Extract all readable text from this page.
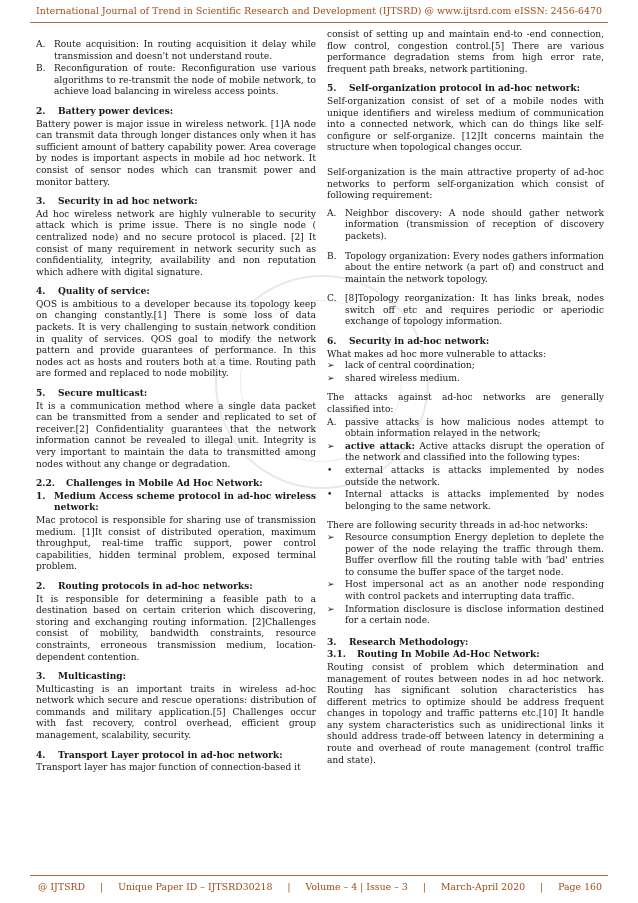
International Journal of Trend in Scientific Research and Development (IJTSRD) @ www.ijtsrd.com eISSN: 2456-6470
A. Route acquisition: In routing acquisition it delay while transmission and doesn't not understand route.
B. Reconfiguration of route: Reconfiguration use various algorithms to re-transmit the node of mobile network, to achieve load balancing in wireless access points.
2. Battery power devices:

Battery power is major issue in wireless network. [1]A node can transmit data through longer distances only when it has sufficient amount of battery capability power. Area coverage by nodes is important aspects in mobile ad hoc network. It consist of sensor nodes which can transmit power and monitor battery.

3. Security in ad hoc network:

Ad hoc wireless network are highly vulnerable to security attack which is prime issue. There is no single node ( centralized node) and no secure protocol is placed. [2] It consist of many requirement in network security such as confidentiality, integrity, availability and non reputation which adhere with digital signature.

4. Quality of service:

QOS is ambitious to a developer because its topology keep on changing constantly.[1] There is some loss of data packets. It is very challenging to sustain network condition in quality of services. QOS goal to modify the network pattern and provide guarantees of performance. In this nodes act as hosts and routers both at a time. Routing path are formed and replaced to node mobility.

5. Secure multicast:

It is a communication method where a single data packet can be transmitted from a sender and replicated to set of receiver.[2] Confidentiality guarantees that the network information cannot be revealed to illegal unit. Integrity is very important to maintain the data to transmitted among nodes without any change or degradation.

2.2. Challenges in Mobile Ad Hoc Network:
1. Medium Access scheme protocol in ad-hoc wireless network:

Mac protocol is responsible for sharing use of transmission medium. [1]It consist of distributed operation, maximum throughput, real-time traffic support, power control capabilities, hidden terminal problem, exposed terminal problem.

2. Routing protocols in ad-hoc networks:

It is responsible for determining a feasible path to a destination based on certain criterion which discovering, storing and exchanging routing information. [2]Challenges consist of mobility, bandwidth constraints, resource constraints, erroneous transmission medium, location-dependent contention.

3. Multicasting:

Multicasting is an important traits in wireless ad-hoc network which secure and rescue operations: distribution of commands and military application.[5] Challenges occur with fast recovery, control overhead, efficient group management, scalability, security.

4. Transport Layer protocol in ad-hoc network:

Transport layer has major function of connection-based it

consist of setting up and maintain end-to -end connection, flow control, congestion control.[5] There are various performance degradation stems from high error rate, frequent path breaks, network partitioning.

5. Self-organization protocol in ad-hoc network:

Self-organization consist of set of a mobile nodes with unique identifiers and wireless medium of communication into a connected network, which can do things like self-configure or self-organize. [12]It concerns maintain the structure when topological changes occur.

Self-organization is the main attractive property of ad-hoc networks to perform self-organization which consist of following requirement:

A. Neighbor discovery: A node should gather network information (transmission of reception of discovery packets).
B. Topology organization: Every nodes gathers information about the entire network (a part of) and construct and maintain the network topology.
C. [8]Topology reorganization: It has links break, nodes switch off etc and requires periodic or aperiodic exchange of topology information.
6. Security in ad-hoc network:
What makes ad hoc more vulnerable to attacks:
➢	lack of central coordination;
➢	shared wireless medium.

The attacks against ad-hoc networks are generally classified into:

A. passive attacks is how malicious nodes attempt to obtain information relayed in the network;
➢	active attack: Active attacks disrupt the operation of the network and classified into the following types:
•	external attacks is attacks implemented by nodes outside the network.
•	Internal attacks is attacks implemented by nodes belonging to the same network.
There are following security threads in ad-hoc networks:
➢	Resource consumption Energy depletion to deplete the power of the node relaying the traffic through them. Buffer overflow fill the routing table with 'bad' entries to consume the buffer space of the target node.
➢	Host impersonal act as an another node responding with control packets and interrupting data traffic.
➢	Information disclosure is disclose information destined for a certain node.
3. Research Methodology:
3.1. Routing In Mobile Ad-Hoc Network:

Routing consist of problem which determination and management of routes between nodes in ad hoc network. Routing has significant solution characteristics has different metrics to optimize should be address frequent changes in topology and traffic patterns etc.[10] It handle any system characteristics such as unidirectional links it should address trade-off between latency in determining a route and overhead of route management (control traffic and state).

@ IJTSRD | Unique Paper ID – IJTSRD30218 | Volume – 4 | Issue – 3 | March-April 2020 | Page 160
